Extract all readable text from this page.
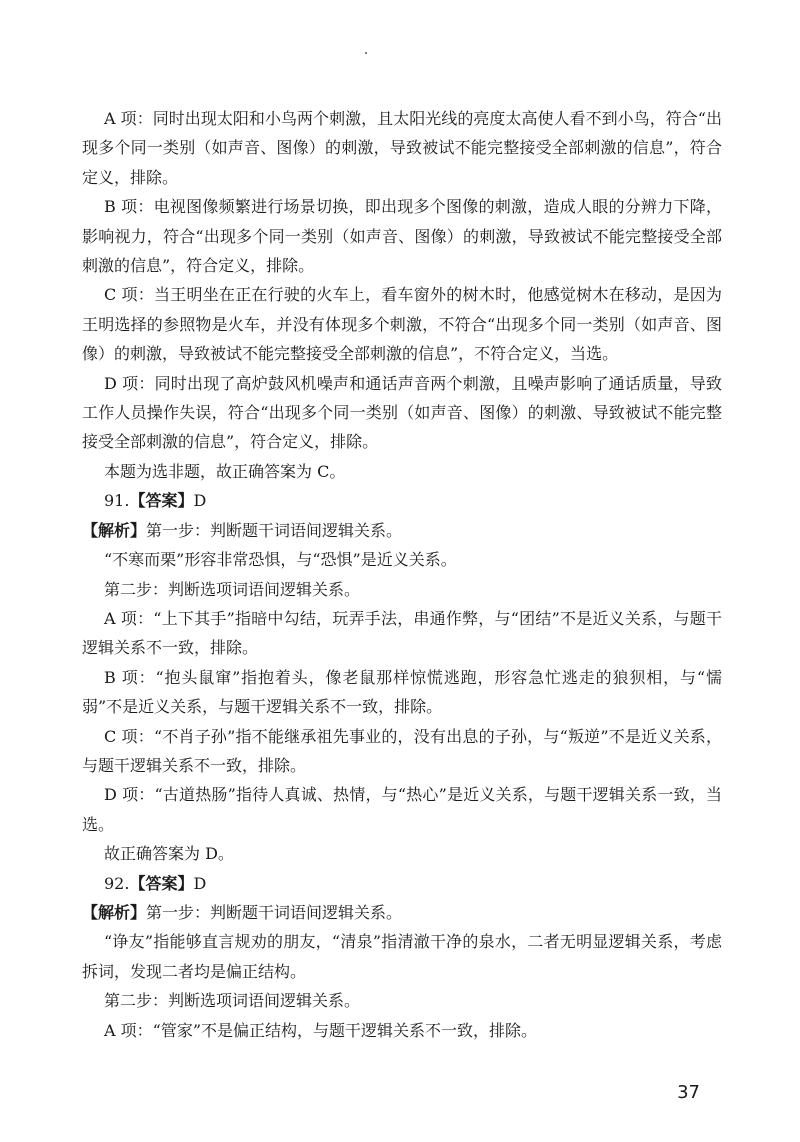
A 项：同时出现太阳和小鸟两个刺激，且太阳光线的亮度太高使人看不到小鸟，符合“出现多个同一类别（如声音、图像）的刺激，导致被试不能完整接受全部刺激的信息”，符合定义，排除。

B 项：电视图像频繁进行场景切换，即出现多个图像的刺激，造成人眼的分辨力下降，影响视力，符合“出现多个同一类别（如声音、图像）的刺激，导致被试不能完整接受全部刺激的信息”，符合定义，排除。

C 项：当王明坐在正在行驶的火车上，看车窗外的树木时，他感觉树木在移动，是因为王明选择的参照物是火车，并没有体现多个刺激，不符合“出现多个同一类别（如声音、图像）的刺激，导致被试不能完整接受全部刺激的信息”，不符合定义，当选。

D 项：同时出现了高炉鼓风机噪声和通话声音两个刺激，且噪声影响了通话质量，导致工作人员操作失误，符合“出现多个同一类别（如声音、图像）的刺激、导致被试不能完整接受全部刺激的信息”，符合定义，排除。

本题为选非题，故正确答案为 C。

91.【答案】D

【解析】第一步：判断题干词语间逻辑关系。

“不寒而栗”形容非常恐惧，与“恐惧”是近义关系。

第二步：判断选项词语间逻辑关系。

A 项：“上下其手”指暗中勾结，玩弄手法，串通作弊，与“团结”不是近义关系，与题干逻辑关系不一致，排除。

B 项：“抱头鼠窜”指抱着头，像老鼠那样惊慌逃跑，形容急忙逃走的狼狈相，与“懦弱”不是近义关系，与题干逻辑关系不一致，排除。

C 项：“不肖子孙”指不能继承祖先事业的，没有出息的子孙，与“叛逆”不是近义关系，与题干逻辑关系不一致，排除。

D 项：“古道热肠”指待人真诚、热情，与“热心”是近义关系，与题干逻辑关系一致，当选。

故正确答案为 D。

92.【答案】D

【解析】第一步：判断题干词语间逻辑关系。

“诤友”指能够直言规劝的朋友，“清泉”指清澈干净的泉水，二者无明显逻辑关系，考虑拆词，发现二者均是偏正结构。

第二步：判断选项词语间逻辑关系。

A 项：“管家”不是偏正结构，与题干逻辑关系不一致，排除。

37
